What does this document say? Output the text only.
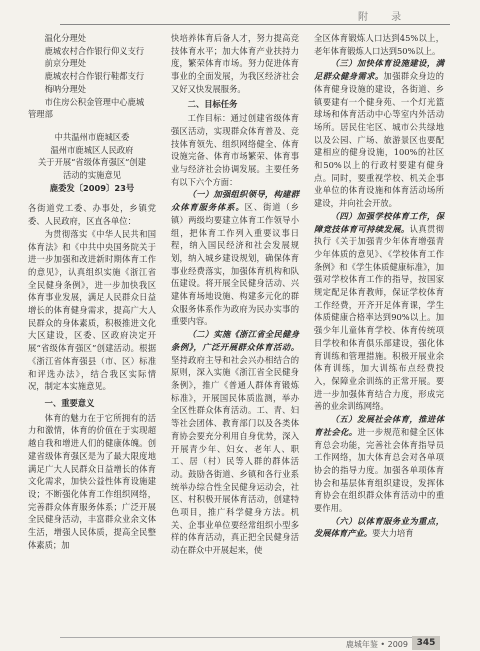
附 录

温化分理处

鹿城农村合作银行仰义支行

前京分理处

鹿城农村合作银行鞋都支行

梅呐分理处

市住房公积金管理中心鹿城

管理部

中共温州市鹿城区委
温州市鹿城区人民政府
关于开展“省级体育强区”创建
活动的实施意见
鹿委发〔2009〕23号

各街道党工委、办事处，乡镇党委、人民政府，区直各单位：

为贯彻落实《中华人民共和国体育法》和《中共中央国务院关于进一步加强和改进新时期体育工作的意见》，认真组织实施《浙江省全民健身条例》，进一步加快我区体育事业发展，满足人民群众日益增长的体育健身需求，提高广大人民群众的身体素质，积极推进文化大区建设，区委、区政府决定开展“省级体育强区”创建活动。根据《浙江省体育强县（市、区）标准和评选办法》，结合我区实际情况，制定本实施意见。

一、重要意义

体育的魅力在于它所拥有的活力和激情，体育的价值在于实现超越自我和增进人们的健康体魄。创建省级体育强区是为了最大限度地满足广大人民群众日益增长的体育文化需求，加快公益性体育设施建设；不断强化体育工作组织网络，完善群众体育服务体系；广泛开展全民健身活动，丰富群众业余文体生活，增强人民体质，提高全民整体素质；加

快培养体育后备人才，努力提高竞技体育水平；加大体育产业扶持力度，繁荣体育市场。努力促进体育事业的全面发展，为我区经济社会又好又快发展服务。

二、目标任务

工作目标：通过创建省级体育强区活动，实现群众体育普及、竞技体育领先、组织网络健全、体育设施完备、体育市场繁荣、体育事业与经济社会协调发展。主要任务有以下六个方面：

（一）加强组织领导，构建群众体育服务体系。区、街道（乡镇）两级均要建立体育工作领导小组，把体育工作列入重要议事日程，纳入国民经济和社会发展规划，纳入城乡建设规划，确保体育事业经费落实，加强体育机构和队伍建设。将开展全民健身活动、兴建体育场地设施、构建多元化的群众服务体系作为政府为民办实事的重要内容。

（二）实施《浙江省全民健身条例》，广泛开展群众体育活动。坚持政府主导和社会兴办相结合的原则，深入实施《浙江省全民健身条例》，推广《普通人群体育锻炼标准》，开展国民体质监测，举办全区性群众体育活动。工、青、妇等社会团体、教育部门以及各类体育协会要充分利用自身优势，深入开展青少年、妇女、老年人、职工、居（村）民等人群的群体活动。鼓励各街道、乡镇和各行业系统举办综合性全民健身运动会，社区、村积极开展体育活动，创建特色项目，推广科学健身方法。机关、企事业单位要经常组织小型多样的体育活动，真正把全民健身活动在群众中开展起来，使

全区体育锻炼人口达到45%以上，老年体育锻炼人口达到50%以上。

（三）加快体育设施建设，满足群众健身需求。加强群众身边的体育健身设施的建设，各街道、乡镇要建有一个健身苑、一个灯光篮球场和体育活动中心等室内外活动场所。居民住宅区、城市公共绿地以及公园、广场、旅游景区也要配建相应的健身设施，100%的社区和50%以上的行政村要建有健身点。同时，要重视学校、机关企事业单位的体育设施和体育活动场所建设，并向社会开放。

（四）加强学校体育工作，保障竞技体育可持续发展。认真贯彻执行《关于加强青少年体育增强青少年体质的意见》、《学校体育工作条例》和《学生体质健康标准》，加强对学校体育工作的指导，按国家规定配足体育教师，保证学校体育工作经费，开齐开足体育课，学生体质健康合格率达到90%以上。加强少年儿童体育学校、体育传统项目学校和体育俱乐部建设，强化体育训练和管理措施。积极开展业余体育训练，加大训练布点经费投入，保障业余训练的正常开展。要进一步加强体育结合力度，形成完善的业余训练网络。

（五）发展社会体育，推进体育社会化。进一步规范和健全区体育总会功能，完善社会体育指导员工作网络，加大体育总会对各单项协会的指导力度。加强各单项体育协会和基层体育组织建设，发挥体育协会在组织群众体育活动中的重要作用。

（六）以体育服务业为重点，发展体育产业。要大力培育

鹿城年鉴 • 2009 345
